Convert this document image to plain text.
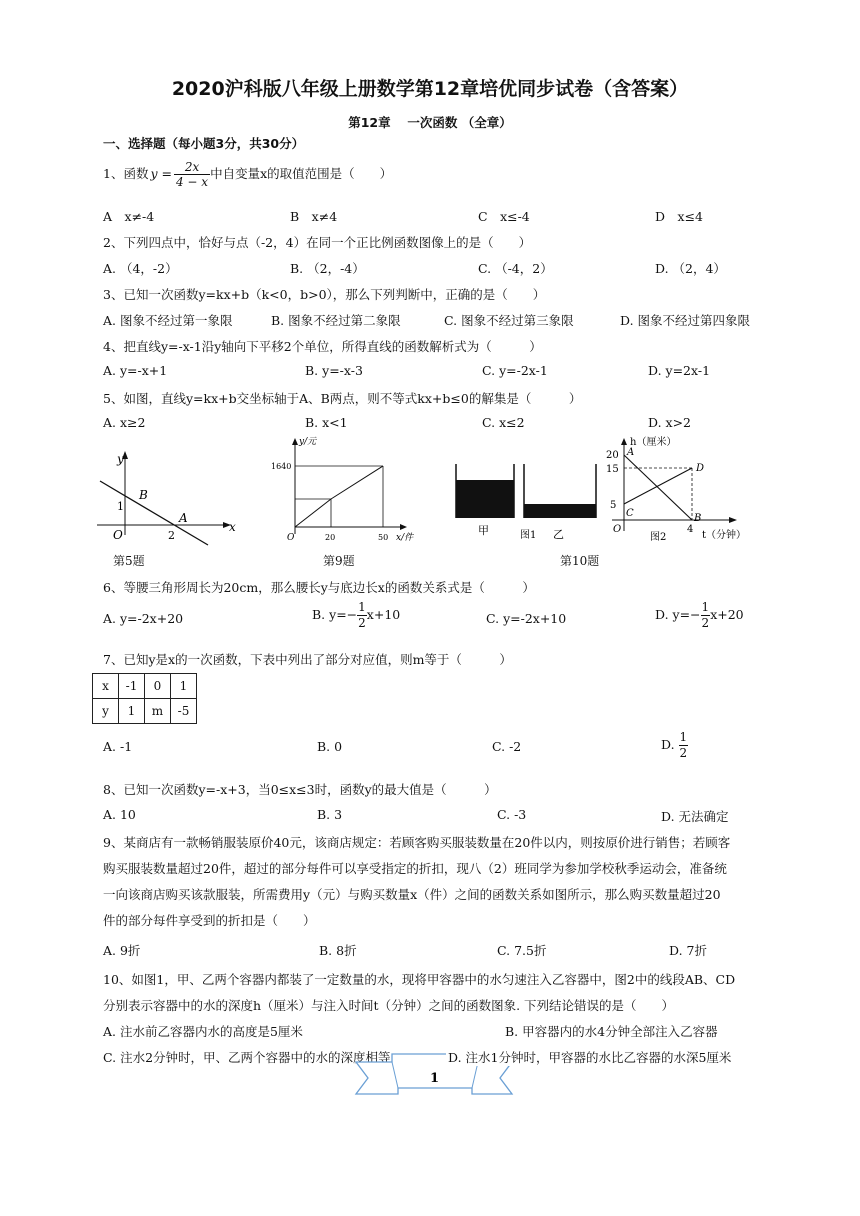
2020沪科版八年级上册数学第12章培优同步试卷（含答案）
第12章　 一次函数 （全章）
一、选择题（每小题3分，共30分）
1、函数 $y = \frac{2x}{4 - x}$ 中自变量x的取值范围是（　　）
A　x≠-4	B　x≠4	C　x≤-4	D　x≤4
2、下列四点中，恰好与点（-2，4）在同一个正比例函数图像上的是（　　）
A. （4，-2）	B. （2，-4）	C. （-4，2）	D. （2，4）
3、已知一次函数y=kx+b（k<0，b>0），那么下列判断中，正确的是（　　）
A. 图象不经过第一象限	B. 图象不经过第二象限	C. 图象不经过第三象限	D. 图象不经过第四象限
4、把直线y=-x-1沿y轴向下平移2个单位，所得直线的函数解析式为（　　　）
A. y=-x+1	B. y=-x-3	C. y=-2x-1	D. y=2x-1
5、如图，直线y=kx+b交坐标轴于A、B两点，则不等式kx+b≤0的解集是（　　　）
A. x≥2	B. x<1	C. x≤2	D. x>2
y
x
B
A
1
2
O
第5题
y/元
x/件
1640
20	50
O
第9题
甲	乙
图1
h（厘米）
t（分钟）
20
15
5
4
O
A
B
C
D
图2
第10题
6、等腰三角形周长为20cm，那么腰长y与底边长x的函数关系式是（　　　）
A. y=-2x+20	B. $y=- \frac{1}{2} x+10$	C. y=-2x+10	D. $y=- \frac{1}{2} x+20$
7、已知y是x的一次函数，下表中列出了部分对应值，则m等于（　　　）
x	-1	0	1
y	1	m	-5
A. -1	B. 0	C. -2	D. $\frac{1}{2}$
8、已知一次函数y=-x+3，当0≤x≤3时，函数y的最大值是（　　　）
A. 10	B. 3	C. -3	D. 无法确定
9、某商店有一款畅销服装原价40元，该商店规定：若顾客购买服装数量在20件以内，则按原价进行销售；若顾客
购买服装数量超过20件，超过的部分每件可以享受指定的折扣，现八（2）班同学为参加学校秋季运动会，准备统
一向该商店购买该款服装，所需费用y（元）与购买数量x（件）之间的函数关系如图所示，那么购买数量超过20
件的部分每件享受到的折扣是（　　）
A. 9折	B. 8折	C. 7.5折	D. 7折
10、如图1，甲、乙两个容器内都装了一定数量的水，现将甲容器中的水匀速注入乙容器中，图2中的线段AB、CD
分别表示容器中的水的深度h（厘米）与注入时间t（分钟）之间的函数图象. 下列结论错误的是（　　）
A. 注水前乙容器内水的高度是5厘米	B. 甲容器内的水4分钟全部注入乙容器
C. 注水2分钟时，甲、乙两个容器中的水的深度相等
1
D. 注水1分钟时，甲容器的水比乙容器的水深5厘米
